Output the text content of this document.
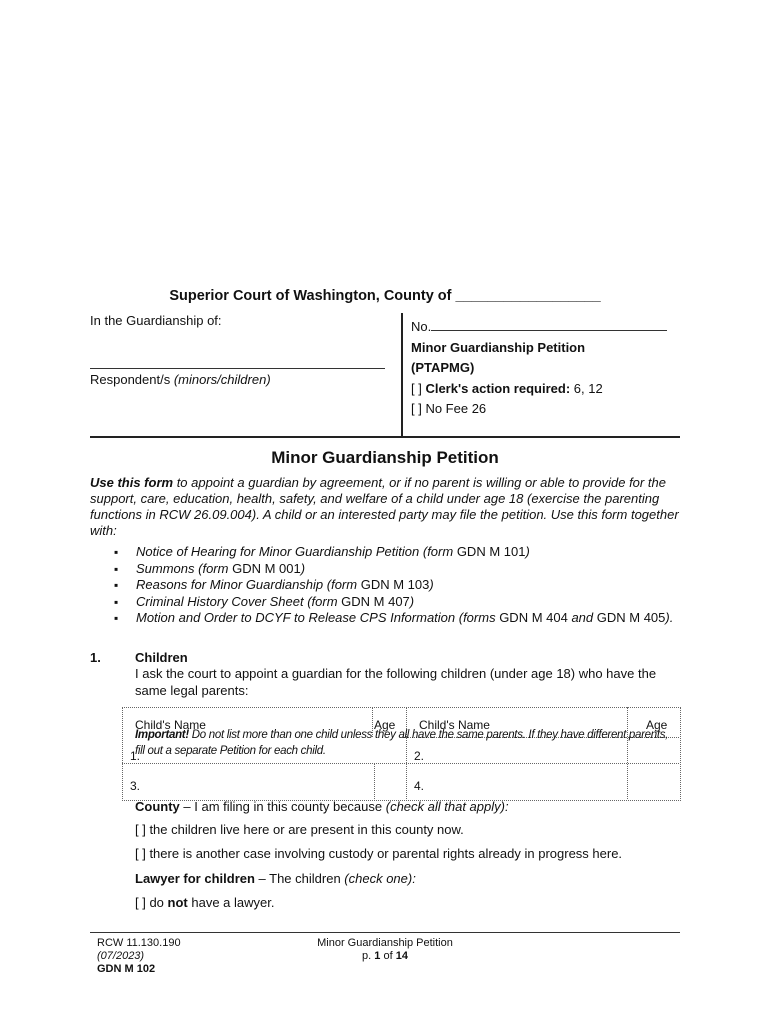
Superior Court of Washington, County of __________________
In the Guardianship of:
Respondent/s (minors/children)
No.
Minor Guardianship Petition
(PTAPMG)
[ ] Clerk's action required: 6, 12
[ ] No Fee 26
Minor Guardianship Petition
Use this form to appoint a guardian by agreement, or if no parent is willing or able to provide for the support, care, education, health, safety, and welfare of a child under age 18 (exercise the parenting functions in RCW 26.09.004). A child or an interested party may file the petition. Use this form together with:
▪ Notice of Hearing for Minor Guardianship Petition (form GDN M 101)
▪ Summons (form GDN M 001)
▪ Reasons for Minor Guardianship (form GDN M 103)
▪ Criminal History Cover Sheet (form GDN M 407)
▪ Motion and Order to DCYF to Release CPS Information (forms GDN M 404 and GDN M 405).
1.	Children
I ask the court to appoint a guardian for the following children (under age 18) who have the same legal parents:
Child's Name	Age Child's Name	Age
Important! Do not list more than one child unless they all have the same parents. If they have different parents, fill out a separate Petition for each child.
1.	2.
3.	4.
County – I am filing in this county because (check all that apply):
[ ] the children live here or are present in this county now.
[ ] there is another case involving custody or parental rights already in progress here.
Lawyer for children – The children (check one):
[ ] do not have a lawyer.
RCW 11.130.190
(07/2023)
GDN M 102
Minor Guardianship Petition
p. 1 of 14
